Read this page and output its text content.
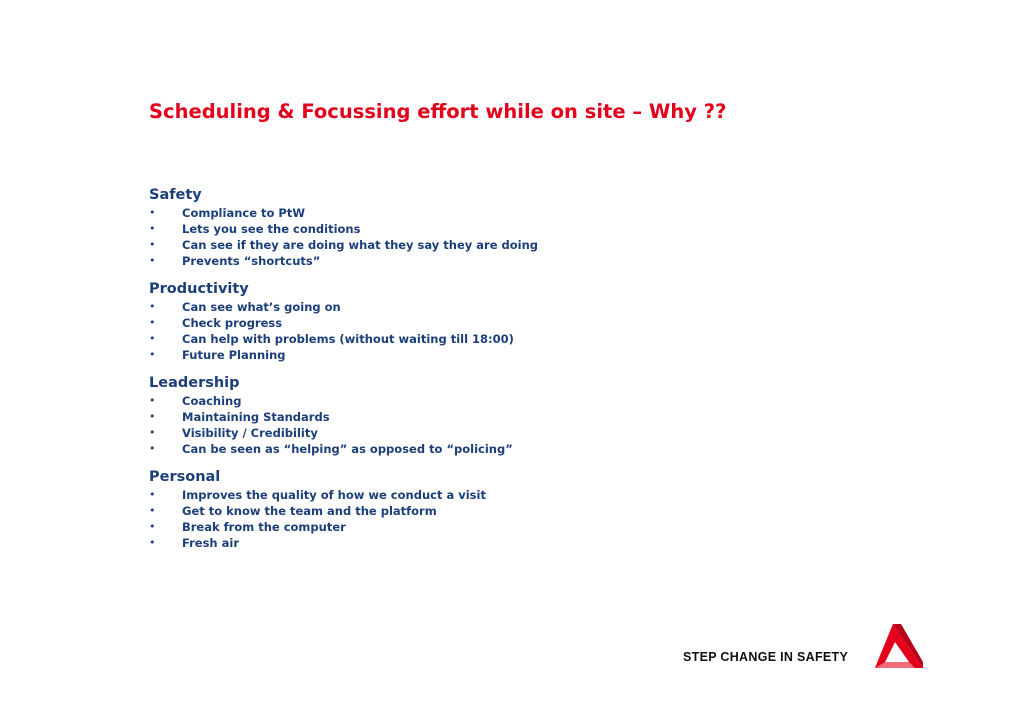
Scheduling & Focussing effort while on site – Why ??
Safety
• Compliance to PtW
• Lets you see the conditions
• Can see if they are doing what they say they are doing
• Prevents “shortcuts”
Productivity
• Can see what’s going on
• Check progress
• Can help with problems (without waiting till 18:00)
• Future Planning
Leadership
• Coaching
• Maintaining Standards
• Visibility / Credibility
• Can be seen as “helping” as opposed to “policing”
Personal
• Improves the quality of how we conduct a visit
• Get to know the team and the platform
• Break from the computer
• Fresh air
STEP CHANGE IN SAFETY
